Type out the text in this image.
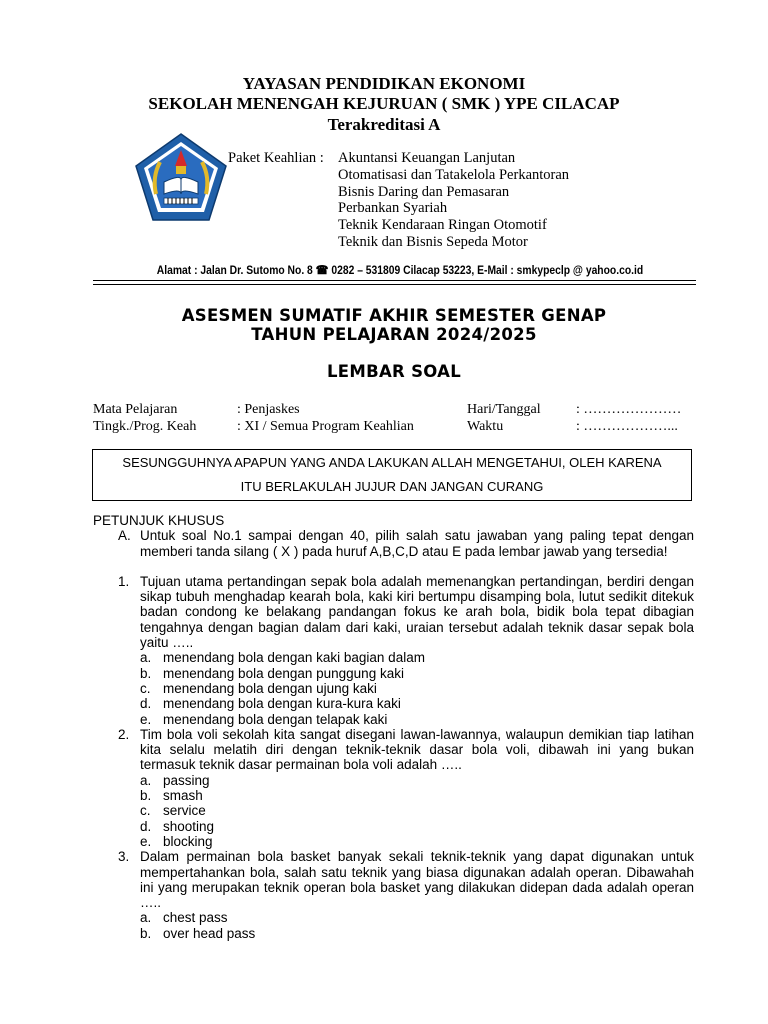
YAYASAN PENDIDIKAN EKONOMI
SEKOLAH MENENGAH KEJURUAN ( SMK ) YPE CILACAP
Terakreditasi A
Paket Keahlian : Akuntansi Keuangan Lanjutan
Otomatisasi dan Tatakelola Perkantoran
Bisnis Daring dan Pemasaran
Perbankan Syariah
Teknik Kendaraan Ringan Otomotif
Teknik dan Bisnis Sepeda Motor
Alamat : Jalan Dr. Sutomo No. 8 ☎ 0282 – 531809 Cilacap 53223, E-Mail : smkypeclp @ yahoo.co.id
ASESMEN SUMATIF AKHIR SEMESTER GENAP
TAHUN PELAJARAN 2024/2025
LEMBAR SOAL
Mata Pelajaran	: Penjaskes
Tingk./Prog. Keah	: XI / Semua Program Keahlian
Hari/Tanggal	: …………………
Waktu	: ………………...
SESUNGGUHNYA APAPUN YANG ANDA LAKUKAN ALLAH MENGETAHUI, OLEH KARENA
ITU BERLAKULAH JUJUR DAN JANGAN CURANG
PETUNJUK KHUSUS
A. Untuk soal No.1 sampai dengan 40, pilih salah satu jawaban yang paling tepat dengan memberi tanda silang ( X ) pada huruf A,B,C,D atau E pada lembar jawab yang tersedia!
1. Tujuan utama pertandingan sepak bola adalah memenangkan pertandingan, berdiri dengan sikap tubuh menghadap kearah bola, kaki kiri bertumpu disamping bola, lutut sedikit ditekuk badan condong ke belakang pandangan fokus ke arah bola, bidik bola tepat dibagian tengahnya dengan bagian dalam dari kaki, uraian tersebut adalah teknik dasar sepak bola yaitu …..
a. menendang bola dengan kaki bagian dalam
b. menendang bola dengan punggung kaki
c. menendang bola dengan ujung kaki
d. menendang bola dengan kura-kura kaki
e. menendang bola dengan telapak kaki
2. Tim bola voli sekolah kita sangat disegani lawan-lawannya, walaupun demikian tiap latihan kita selalu melatih diri dengan teknik-teknik dasar bola voli, dibawah ini yang bukan termasuk teknik dasar permainan bola voli adalah …..
a. passing
b. smash
c. service
d. shooting
e. blocking
3. Dalam permainan bola basket banyak sekali teknik-teknik yang dapat digunakan untuk mempertahankan bola, salah satu teknik yang biasa digunakan adalah operan. Dibawahah ini yang merupakan teknik operan bola basket yang dilakukan didepan dada adalah operan …..
a. chest pass
b. over head pass
